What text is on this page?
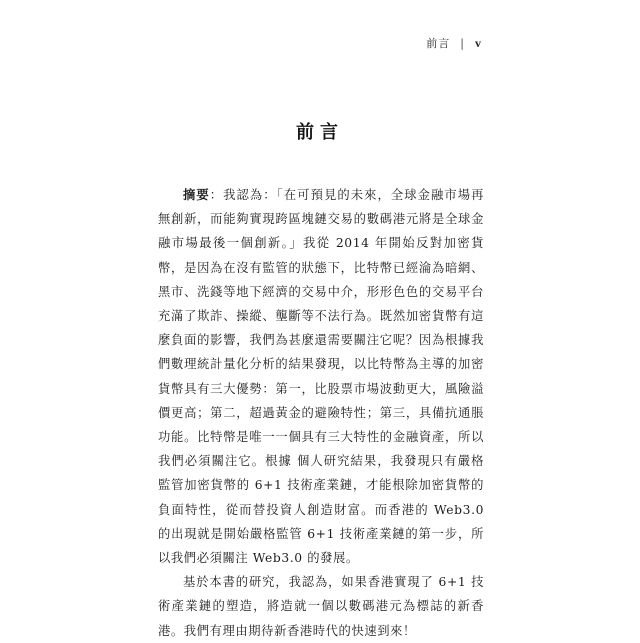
前言 | v
前言

摘要：我認為：「在可預見的未來，全球金融市場再無創新，而能夠實現跨區塊鏈交易的數碼港元將是全球金融市場最後一個創新。」我從 2014 年開始反對加密貨幣，是因為在沒有監管的狀態下，比特幣已經淪為暗網、黑市、洗錢等地下經濟的交易中介，形形色色的交易平台充滿了欺詐、操縱、壟斷等不法行為。既然加密貨幣有這麼負面的影響，我們為甚麼還需要關注它呢？因為根據我們數理統計量化分析的結果發現，以比特幣為主導的加密貨幣具有三大優勢：第一，比股票市場波動更大，風險溢價更高；第二，超過黃金的避險特性；第三，具備抗通脹功能。比特幣是唯一一個具有三大特性的金融資產，所以我們必須關注它。根據 個人研究結果，我發現只有嚴格監管加密貨幣的 6+1 技術產業鏈，才能根除加密貨幣的負面特性，從而替投資人創造財富。而香港的 Web3.0 的出現就是開始嚴格監管 6+1 技術產業鏈的第一步，所以我們必須關注 Web3.0 的發展。

基於本書的研究，我認為，如果香港實現了 6+1 技術產業鏈的塑造，將造就一個以數碼港元為標誌的新香港。我們有理由期待新香港時代的快速到來！
